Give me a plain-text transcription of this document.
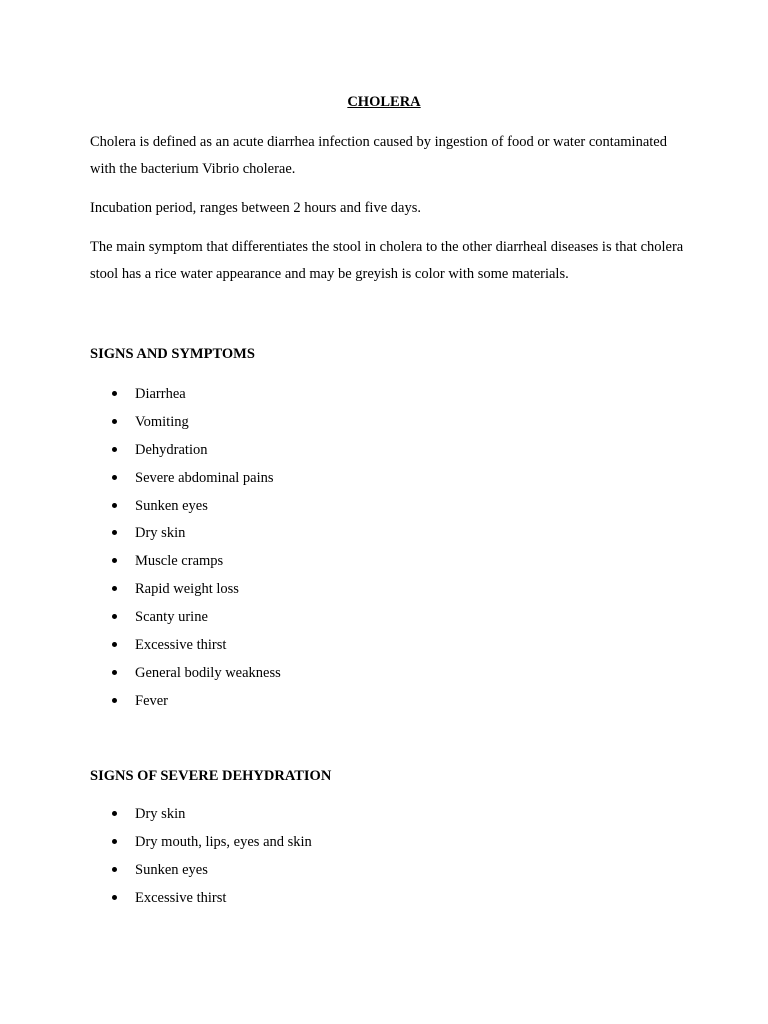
CHOLERA

Cholera is defined as an acute diarrhea infection caused by ingestion of food or water contaminated with the bacterium Vibrio cholerae.

Incubation period, ranges between 2 hours and five days.

The main symptom that differentiates the stool in cholera to the other diarrheal diseases is that cholera stool has a rice water appearance and may be greyish is color with some materials.

SIGNS AND SYMPTOMS
Diarrhea
Vomiting
Dehydration
Severe abdominal pains
Sunken eyes
Dry skin
Muscle cramps
Rapid weight loss
Scanty urine
Excessive thirst
General bodily weakness
Fever
SIGNS OF SEVERE DEHYDRATION
Dry skin
Dry mouth, lips, eyes and skin
Sunken eyes
Excessive thirst
